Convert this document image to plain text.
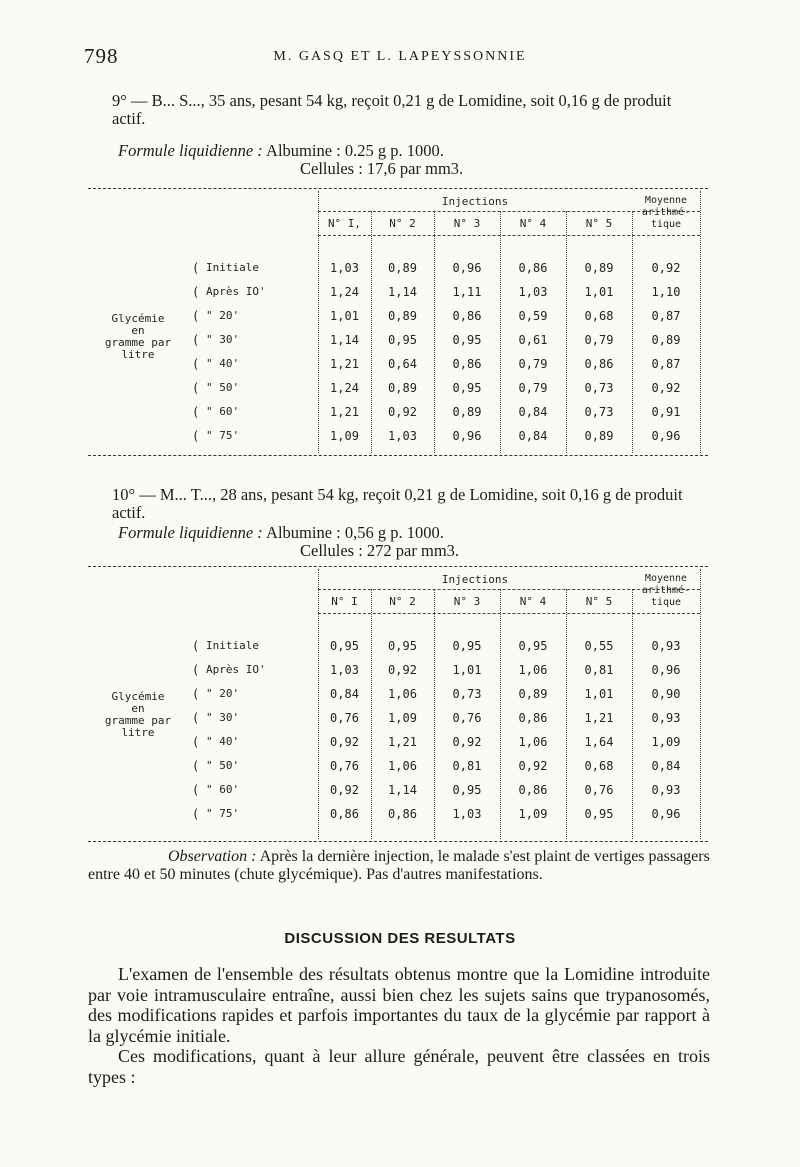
798	M. GASQ ET L. LAPEYSSONNIE
9° — B... S..., 35 ans, pesant 54 kg, reçoit 0,21 g de Lomidine, soit 0,16 g de produit actif.
Formule liquidienne : Albumine : 0.25 g p. 1000.
Cellules : 17,6 par mm3.
Injections	Moyenne
arithmé-
tique
N° I,	N° 2	N° 3	N° 4	N° 5
Glycémie
en
gramme par
litre
( Initiale	1,03	0,89	0,96	0,86	0,89	0,92
( Après IO'	1,24	1,14	1,11	1,03	1,01	1,10
( " 20'	1,01	0,89	0,86	0,59	0,68	0,87
( " 30'	1,14	0,95	0,95	0,61	0,79	0,89
( " 40'	1,21	0,64	0,86	0,79	0,86	0,87
( " 50'	1,24	0,89	0,95	0,79	0,73	0,92
( " 60'	1,21	0,92	0,89	0,84	0,73	0,91
( " 75'	1,09	1,03	0,96	0,84	0,89	0,96
10° — M... T..., 28 ans, pesant 54 kg, reçoit 0,21 g de Lomidine, soit 0,16 g de produit actif.
Formule liquidienne : Albumine : 0,56 g p. 1000.
Cellules : 272 par mm3.
Injections	Moyenne
arithmé-
tique
N° I	N° 2	N° 3	N° 4	N° 5
Glycémie
en
gramme par
litre
( Initiale	0,95	0,95	0,95	0,95	0,55	0,93
( Après IO'	1,03	0,92	1,01	1,06	0,81	0,96
( " 20'	0,84	1,06	0,73	0,89	1,01	0,90
( " 30'	0,76	1,09	0,76	0,86	1,21	0,93
( " 40'	0,92	1,21	0,92	1,06	1,64	1,09
( " 50'	0,76	1,06	0,81	0,92	0,68	0,84
( " 60'	0,92	1,14	0,95	0,86	0,76	0,93
( " 75'	0,86	0,86	1,03	1,09	0,95	0,96
Observation : Après la dernière injection, le malade s'est plaint de vertiges passagers entre 40 et 50 minutes (chute glycémique). Pas d'autres manifestations.
DISCUSSION DES RESULTATS

L'examen de l'ensemble des résultats obtenus montre que la Lomidine introduite par voie intramusculaire entraîne, aussi bien chez les sujets sains que trypanosomés, des modifications rapides et parfois importantes du taux de la glycémie par rapport à la glycémie initiale.

Ces modifications, quant à leur allure générale, peuvent être classées en trois types :
